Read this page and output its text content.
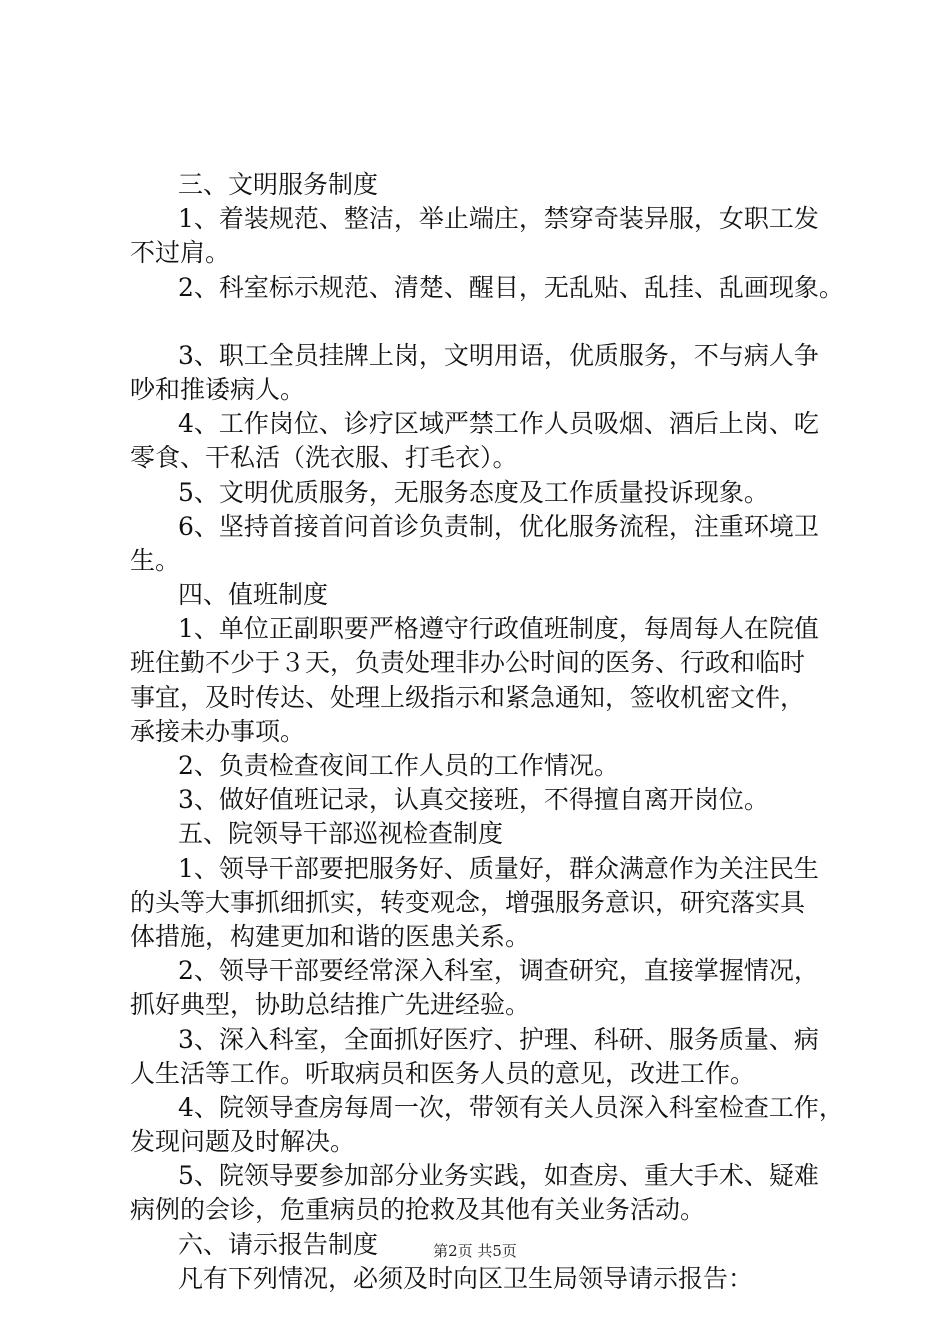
三、文明服务制度
1、着装规范、整洁，举止端庄，禁穿奇装异服，女职工发
不过肩。
2、科室标示规范、清楚、醒目，无乱贴、乱挂、乱画现象。
3、职工全员挂牌上岗，文明用语，优质服务，不与病人争
吵和推诿病人。
4、工作岗位、诊疗区域严禁工作人员吸烟、酒后上岗、吃
零食、干私活（洗衣服、打毛衣）。
5、文明优质服务，无服务态度及工作质量投诉现象。
6、坚持首接首问首诊负责制，优化服务流程，注重环境卫
生。
四、值班制度
1、单位正副职要严格遵守行政值班制度，每周每人在院值
班住勤不少于３天，负责处理非办公时间的医务、行政和临时
事宜，及时传达、处理上级指示和紧急通知，签收机密文件，
承接未办事项。
2、负责检查夜间工作人员的工作情况。
3、做好值班记录，认真交接班，不得擅自离开岗位。
五、院领导干部巡视检查制度
1、领导干部要把服务好、质量好，群众满意作为关注民生
的头等大事抓细抓实，转变观念，增强服务意识，研究落实具
体措施，构建更加和谐的医患关系。
2、领导干部要经常深入科室，调查研究，直接掌握情况，
抓好典型，协助总结推广先进经验。
3、深入科室，全面抓好医疗、护理、科研、服务质量、病
人生活等工作。听取病员和医务人员的意见，改进工作。
4、院领导查房每周一次，带领有关人员深入科室检查工作，
发现问题及时解决。
5、院领导要参加部分业务实践，如查房、重大手术、疑难
病例的会诊，危重病员的抢救及其他有关业务活动。
六、请示报告制度
凡有下列情况，必须及时向区卫生局领导请示报告：
第2页 共5页
